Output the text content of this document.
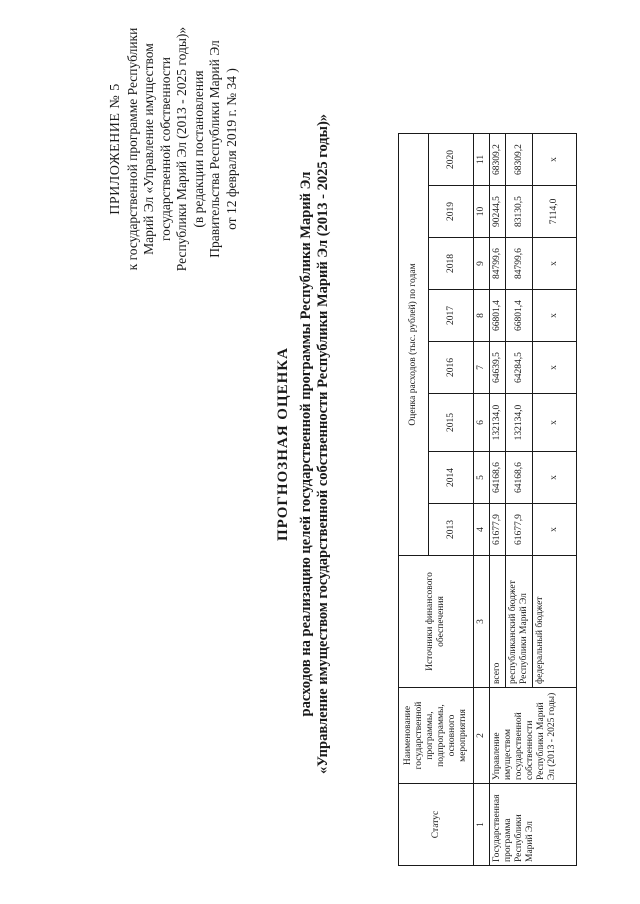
ПРИЛОЖЕНИЕ № 5 к государственной программе Республики Марий Эл «Управление имуществом государственной собственности Республики Марий Эл (2013 - 2025 годы)» (в редакции постановления Правительства Республики Марий Эл от 12 февраля 2019 г. № 34 )
ПРОГНОЗНАЯ ОЦЕНКА расходов на реализацию целей государственной программы Республики Марий Эл «Управление имуществом государственной собственности Республики Марий Эл (2013 - 2025 годы)»
Статус	Наименование государственной программы, подпрограммы, основного мероприятия	Источники финансового обеспечения	Оценка расходов (тыс. рублей) по годам							
			2013	2014	2015	2016	2017	2018	2019	2020
1	2	3	4	5	6	7	8	9	10	11
Государственная программа Республики Марий Эл	Управление имуществом государственной собственности Республики Марий Эл (2013 - 2025 годы)	всего	61677,9	64168,6	132134,0	64639,5	66801,4	84799,6	90244,5	68309,2
		республиканский бюджет Республики Марий Эл	61677,9	64168,6	132134,0	64284,5	66801,4	84799,6	83130,5	68309,2
		федеральный бюджет	х	х	х	х	х	х	7114,0	х
